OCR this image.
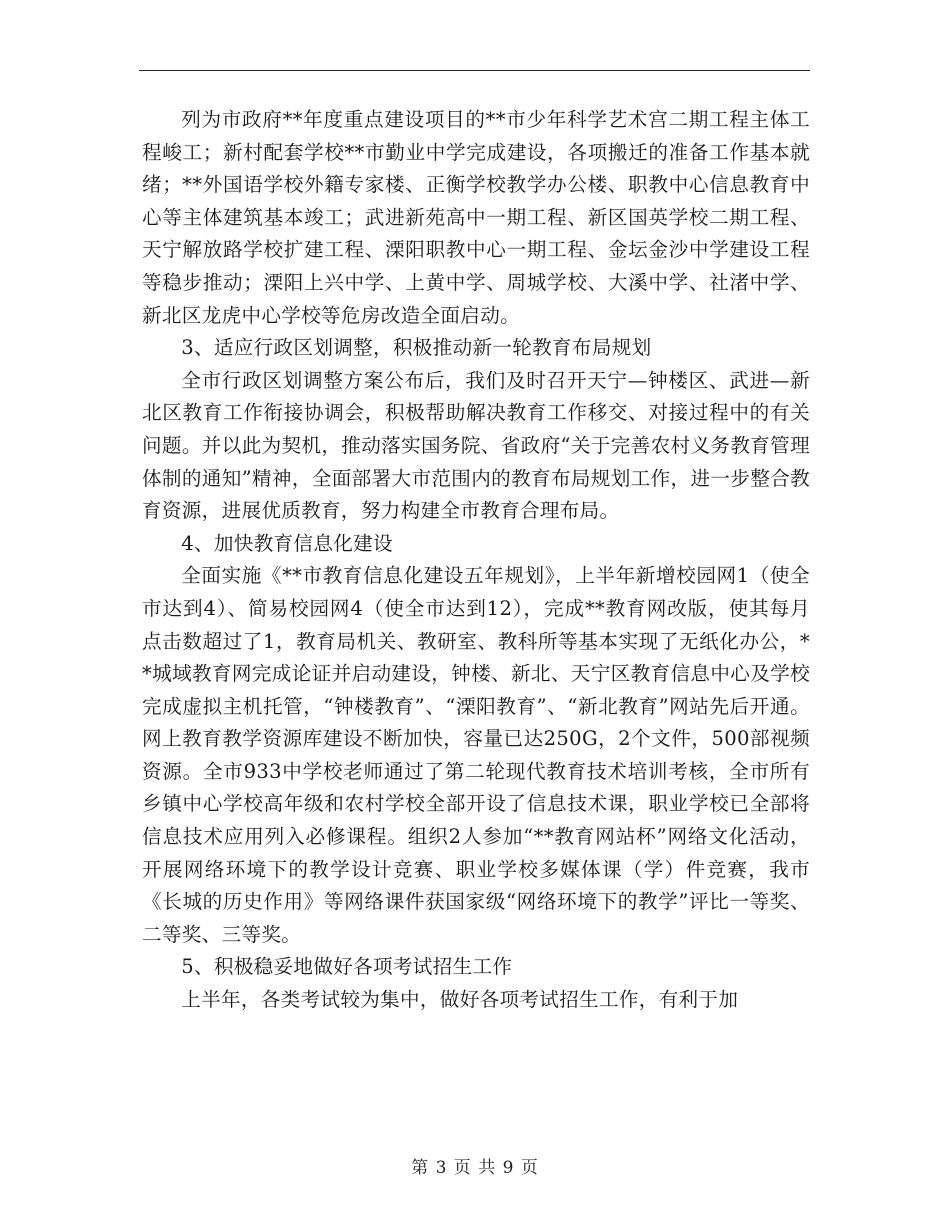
列为市政府**年度重点建设项目的**市少年科学艺术宫二期工程主体工程峻工；新村配套学校**市勤业中学完成建设，各项搬迁的准备工作基本就绪；**外国语学校外籍专家楼、正衡学校教学办公楼、职教中心信息教育中心等主体建筑基本竣工；武进新苑高中一期工程、新区国英学校二期工程、天宁解放路学校扩建工程、溧阳职教中心一期工程、金坛金沙中学建设工程等稳步推动；溧阳上兴中学、上黄中学、周城学校、大溪中学、社渚中学、新北区龙虎中心学校等危房改造全面启动。

3、适应行政区划调整，积极推动新一轮教育布局规划

全市行政区划调整方案公布后，我们及时召开天宁—钟楼区、武进—新北区教育工作衔接协调会，积极帮助解决教育工作移交、对接过程中的有关问题。并以此为契机，推动落实国务院、省政府“关于完善农村义务教育管理体制的通知”精神，全面部署大市范围内的教育布局规划工作，进一步整合教育资源，进展优质教育，努力构建全市教育合理布局。

4、加快教育信息化建设

全面实施《**市教育信息化建设五年规划》，上半年新增校园网1（使全市达到4）、简易校园网4（使全市达到12），完成**教育网改版，使其每月点击数超过了1，教育局机关、教研室、教科所等基本实现了无纸化办公，**城域教育网完成论证并启动建设，钟楼、新北、天宁区教育信息中心及学校完成虚拟主机托管，“钟楼教育”、“溧阳教育”、“新北教育”网站先后开通。网上教育教学资源库建设不断加快，容量已达250G，2个文件，500部视频资源。全市933中学校老师通过了第二轮现代教育技术培训考核，全市所有乡镇中心学校高年级和农村学校全部开设了信息技术课，职业学校已全部将信息技术应用列入必修课程。组织2人参加“**教育网站杯”网络文化活动，开展网络环境下的教学设计竞赛、职业学校多媒体课（学）件竞赛，我市《长城的历史作用》等网络课件获国家级“网络环境下的教学”评比一等奖、二等奖、三等奖。

5、积极稳妥地做好各项考试招生工作

上半年，各类考试较为集中，做好各项考试招生工作，有利于加

第 3 页 共 9 页
